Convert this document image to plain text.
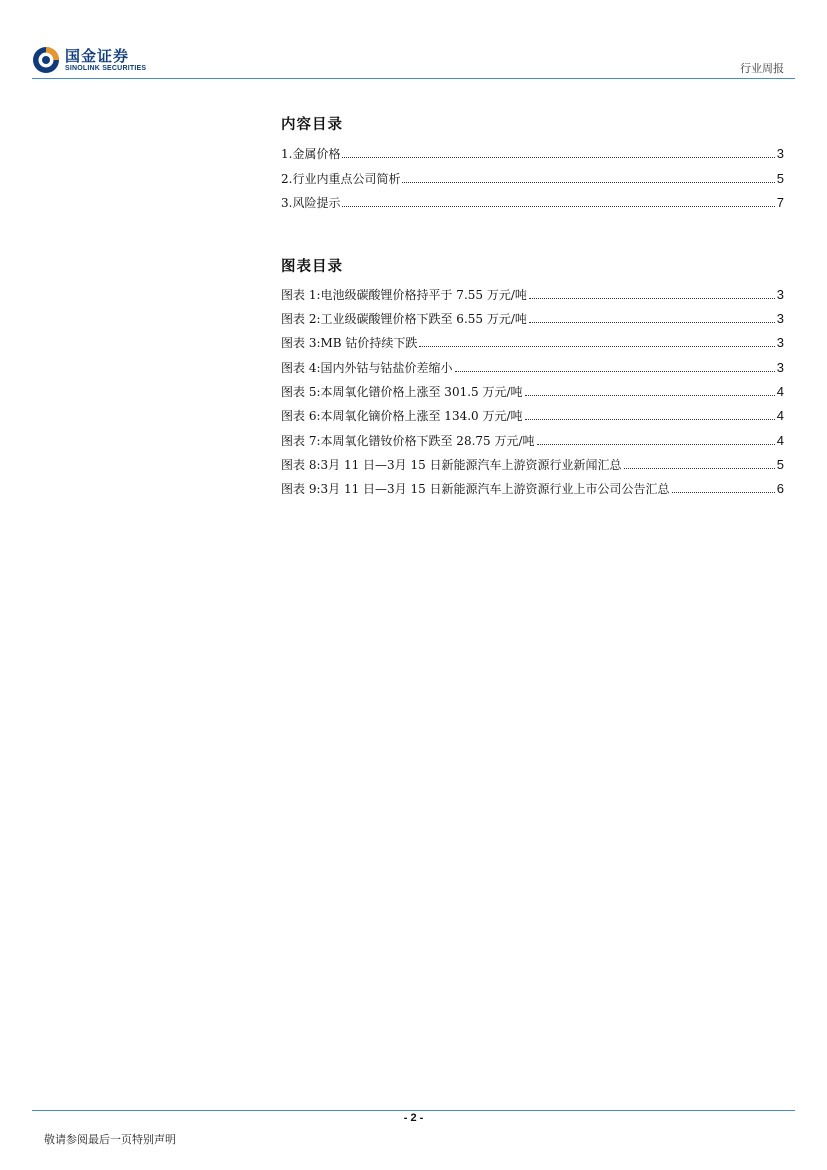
国金证券
SINOLINK SECURITIES	行业周报
内容目录
1.金属价格	3
2.行业内重点公司简析	5
3.风险提示	7
图表目录
图表 1:电池级碳酸锂价格持平于 7.55 万元/吨	3
图表 2:工业级碳酸锂价格下跌至 6.55 万元/吨	3
图表 3:MB 钴价持续下跌	3
图表 4:国内外钴与钴盐价差缩小	3
图表 5:本周氧化镨价格上涨至 301.5 万元/吨	4
图表 6:本周氧化镝价格上涨至 134.0 万元/吨	4
图表 7:本周氧化镨钕价格下跌至 28.75 万元/吨	4
图表 8:3月 11 日—3月 15 日新能源汽车上游资源行业新闻汇总	5
图表 9:3月 11 日—3月 15 日新能源汽车上游资源行业上市公司公告汇总	6
- 2 -
敬请参阅最后一页特别声明
